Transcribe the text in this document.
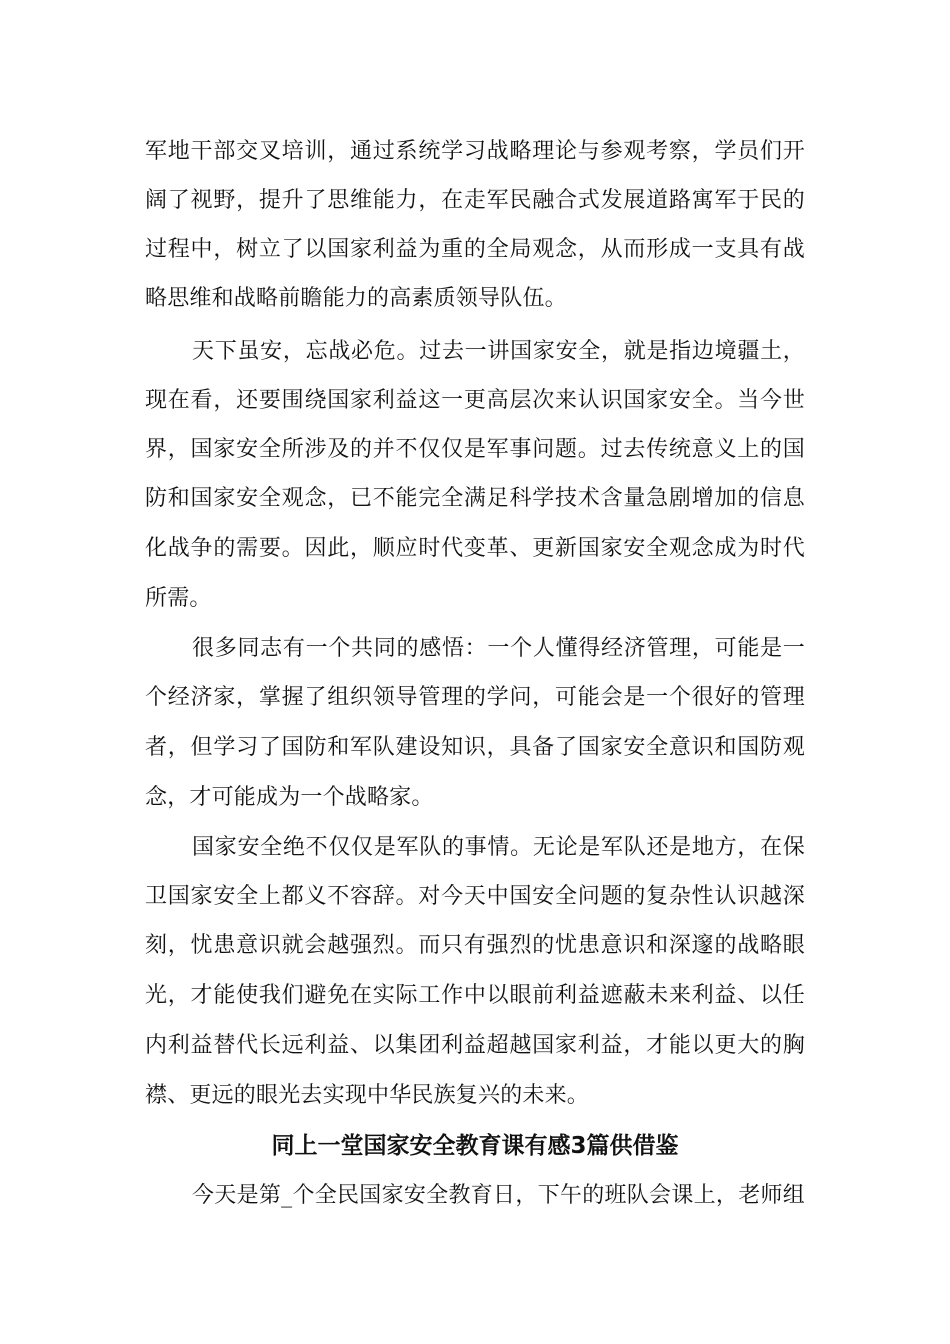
军地干部交叉培训，通过系统学习战略理论与参观考察，学员们开
阔了视野，提升了思维能力，在走军民融合式发展道路寓军于民的
过程中，树立了以国家利益为重的全局观念，从而形成一支具有战
略思维和战略前瞻能力的高素质领导队伍。
天下虽安，忘战必危。过去一讲国家安全，就是指边境疆土，
现在看，还要围绕国家利益这一更高层次来认识国家安全。当今世
界，国家安全所涉及的并不仅仅是军事问题。过去传统意义上的国
防和国家安全观念，已不能完全满足科学技术含量急剧增加的信息
化战争的需要。因此，顺应时代变革、更新国家安全观念成为时代
所需。
很多同志有一个共同的感悟：一个人懂得经济管理，可能是一
个经济家，掌握了组织领导管理的学问，可能会是一个很好的管理
者，但学习了国防和军队建设知识，具备了国家安全意识和国防观
念，才可能成为一个战略家。
国家安全绝不仅仅是军队的事情。无论是军队还是地方，在保
卫国家安全上都义不容辞。对今天中国安全问题的复杂性认识越深
刻，忧患意识就会越强烈。而只有强烈的忧患意识和深邃的战略眼
光，才能使我们避免在实际工作中以眼前利益遮蔽未来利益、以任
内利益替代长远利益、以集团利益超越国家利益，才能以更大的胸
襟、更远的眼光去实现中华民族复兴的未来。
同上一堂国家安全教育课有感3篇供借鉴
今天是第_个全民国家安全教育日，下午的班队会课上，老师组
